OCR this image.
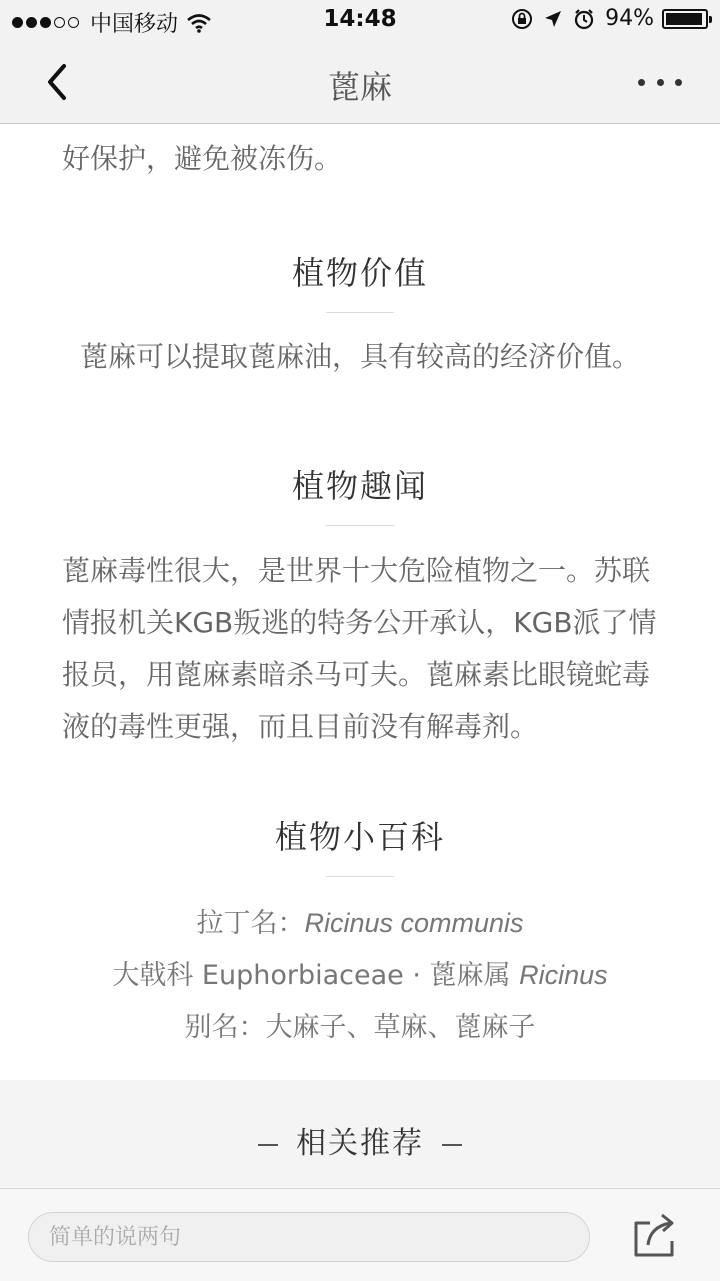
中国移动	14:48	94%
蓖麻
好保护，避免被冻伤。
植物价值
蓖麻可以提取蓖麻油，具有较高的经济价值。
植物趣闻
蓖麻毒性很大，是世界十大危险植物之一。苏联情报机关KGB叛逃的特务公开承认，KGB派了情报员，用蓖麻素暗杀马可夫。蓖麻素比眼镜蛇毒液的毒性更强，而且目前没有解毒剂。
植物小百科
拉丁名：Ricinus communis
大戟科 Euphorbiaceae · 蓖麻属 Ricinus
别名：大麻子、草麻、蓖麻子
相关推荐
简单的说两句
